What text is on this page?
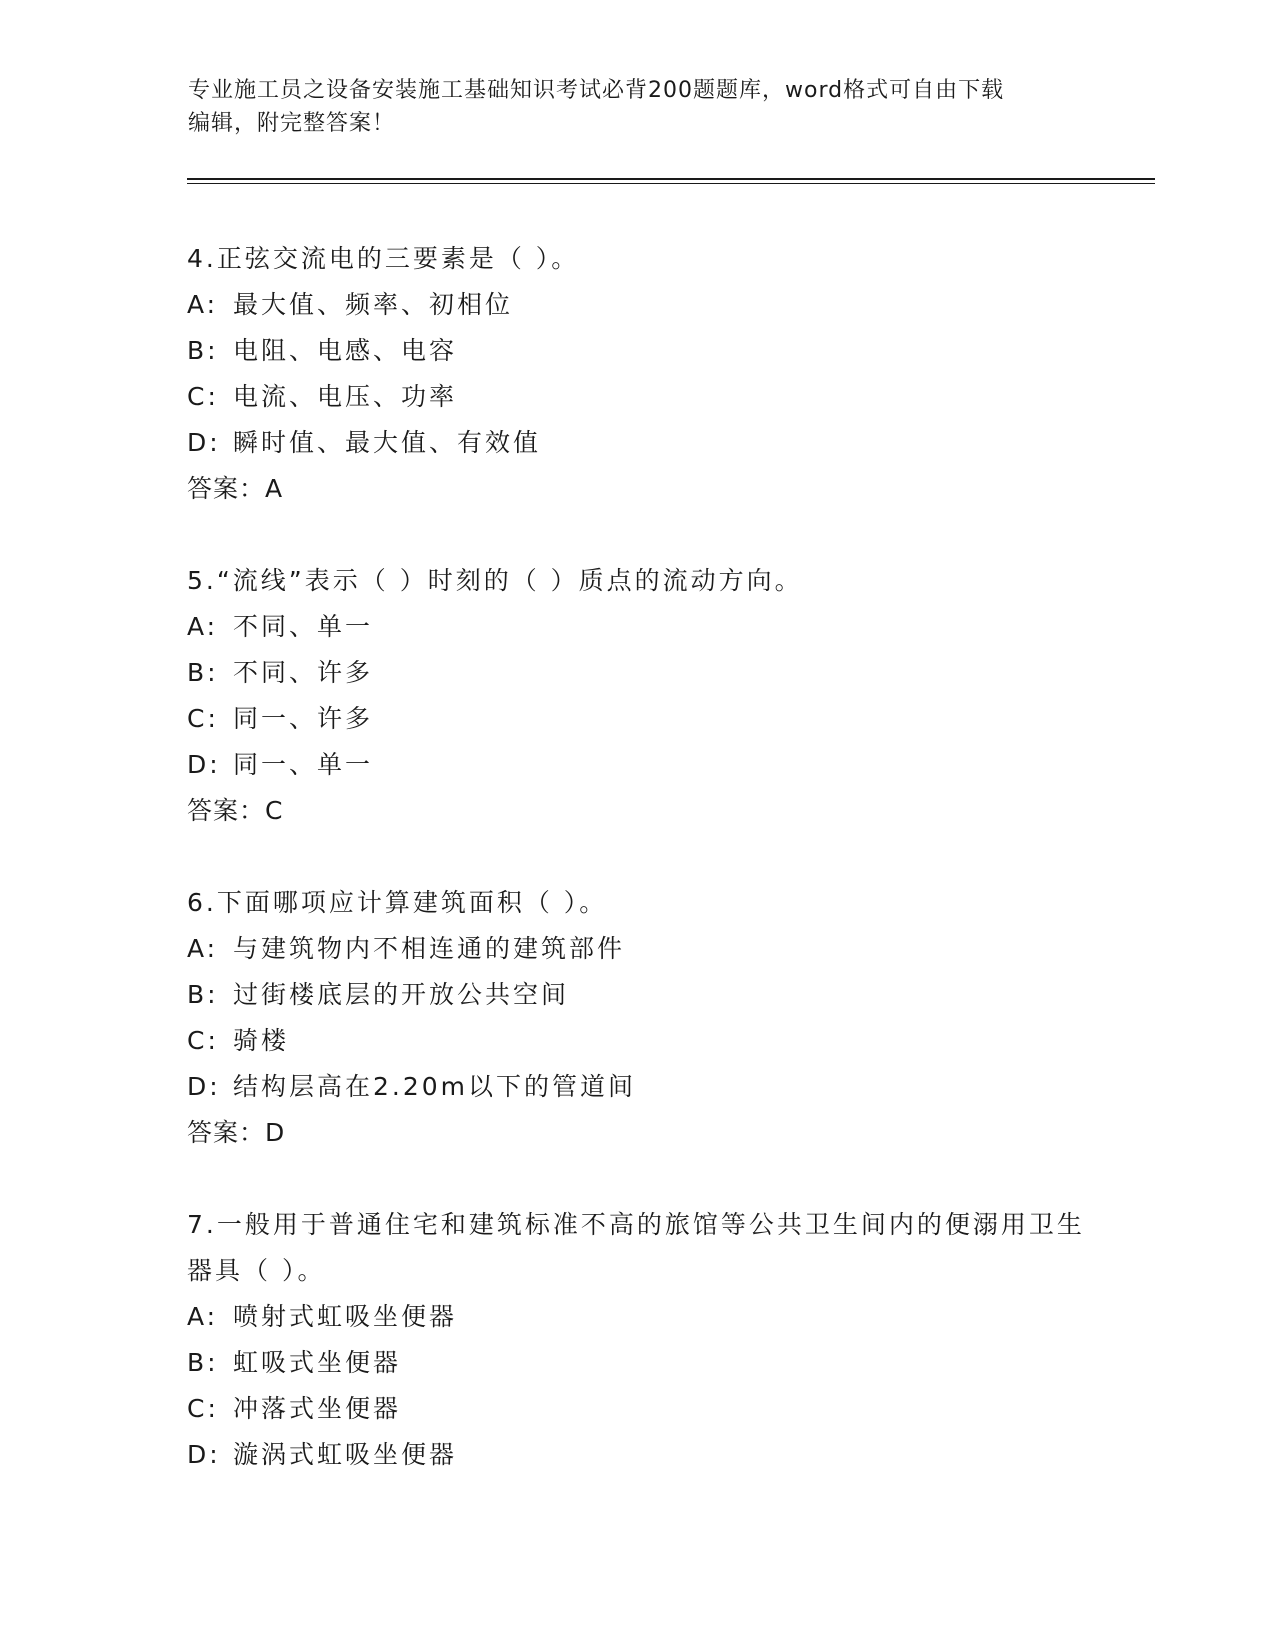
专业施工员之设备安装施工基础知识考试必背200题题库，word格式可自由下载
编辑，附完整答案！
4.正弦交流电的三要素是（ ）。
A: 最大值、频率、初相位
B: 电阻、电感、电容
C: 电流、电压、功率
D: 瞬时值、最大值、有效值
答案：A
5.“流线”表示（ ）时刻的（ ）质点的流动方向。
A: 不同、单一
B: 不同、许多
C: 同一、许多
D: 同一、单一
答案：C
6.下面哪项应计算建筑面积（ ）。
A: 与建筑物内不相连通的建筑部件
B: 过街楼底层的开放公共空间
C: 骑楼
D: 结构层高在2.20m以下的管道间
答案：D
7.一般用于普通住宅和建筑标准不高的旅馆等公共卫生间内的便溺用卫生器具（ ）。
A: 喷射式虹吸坐便器
B: 虹吸式坐便器
C: 冲落式坐便器
D: 漩涡式虹吸坐便器
